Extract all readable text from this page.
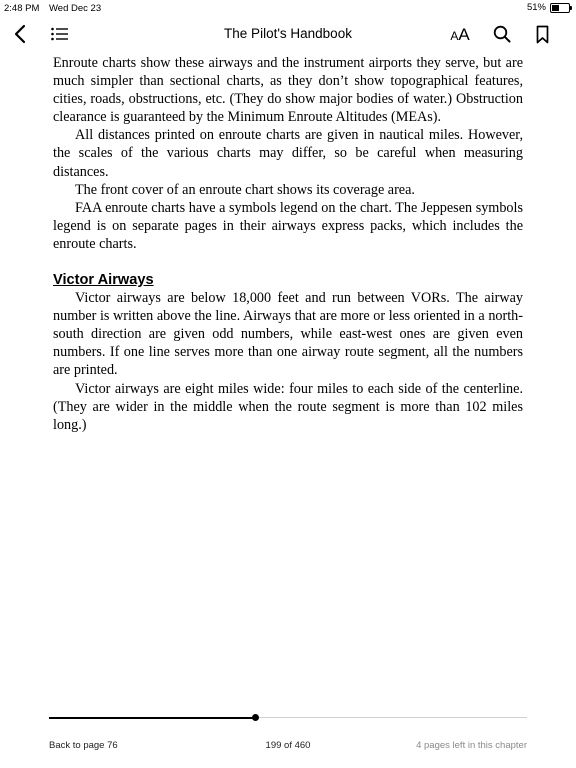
2:48 PM Wed Dec 23	51%
The Pilot's Handbook	A A

Enroute charts show these airways and the instrument airports they serve, but are much simpler than sectional charts, as they don’t show topographical features, cities, roads, obstructions, etc. (They do show major bodies of water.) Obstruction clearance is guaranteed by the Minimum Enroute Altitudes (MEAs).

All distances printed on enroute charts are given in nautical miles. However, the scales of the various charts may differ, so be careful when measuring distances.

The front cover of an enroute chart shows its coverage area.

FAA enroute charts have a symbols legend on the chart. The Jeppesen symbols legend is on separate pages in their airways express packs, which includes the enroute charts.

Victor Airways

Victor airways are below 18,000 feet and run between VORs. The airway number is written above the line. Airways that are more or less oriented in a north-south direction are given odd numbers, while east-west ones are given even numbers. If one line serves more than one airway route segment, all the numbers are printed.

Victor airways are eight miles wide: four miles to each side of the centerline. (They are wider in the middle when the route segment is more than 102 miles long.)

Back to page 76	199 of 460	4 pages left in this chapter
